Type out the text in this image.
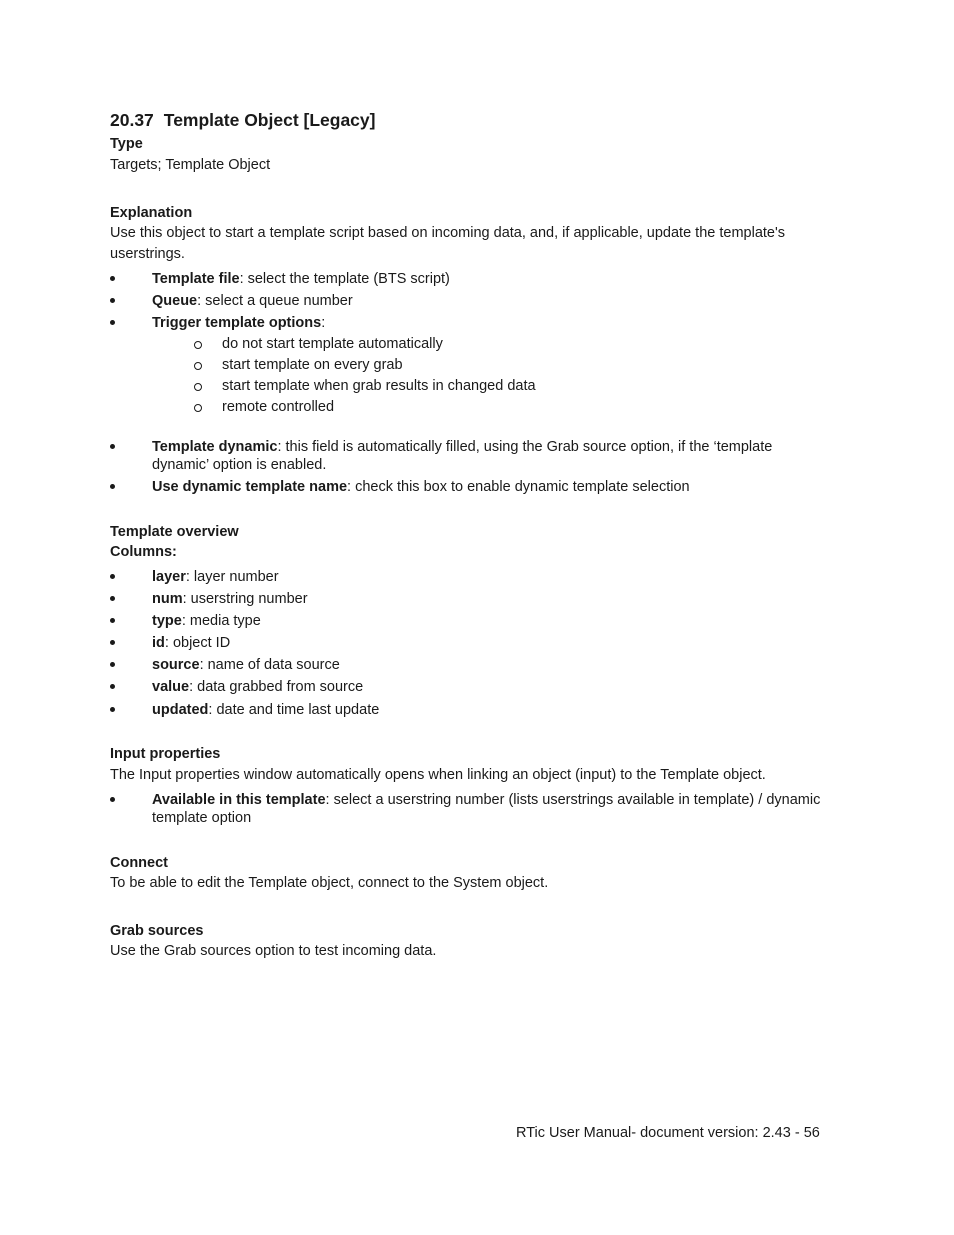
20.37 Template Object [Legacy]
Type
Targets; Template Object
Explanation
Use this object to start a template script based on incoming data, and, if applicable, update the template's userstrings.
Template file: select the template (BTS script)
Queue: select a queue number
Trigger template options:
do not start template automatically
start template on every grab
start template when grab results in changed data
remote controlled
Template dynamic: this field is automatically filled, using the Grab source option, if the ‘template dynamic’ option is enabled.
Use dynamic template name: check this box to enable dynamic template selection
Template overview
Columns:
layer: layer number
num: userstring number
type: media type
id: object ID
source: name of data source
value: data grabbed from source
updated: date and time last update
Input properties
The Input properties window automatically opens when linking an object (input) to the Template object.
Available in this template: select a userstring number (lists userstrings available in template) / dynamic template option
Connect
To be able to edit the Template object, connect to the System object.
Grab sources
Use the Grab sources option to test incoming data.
RTic User Manual- document version: 2.43 - 56
